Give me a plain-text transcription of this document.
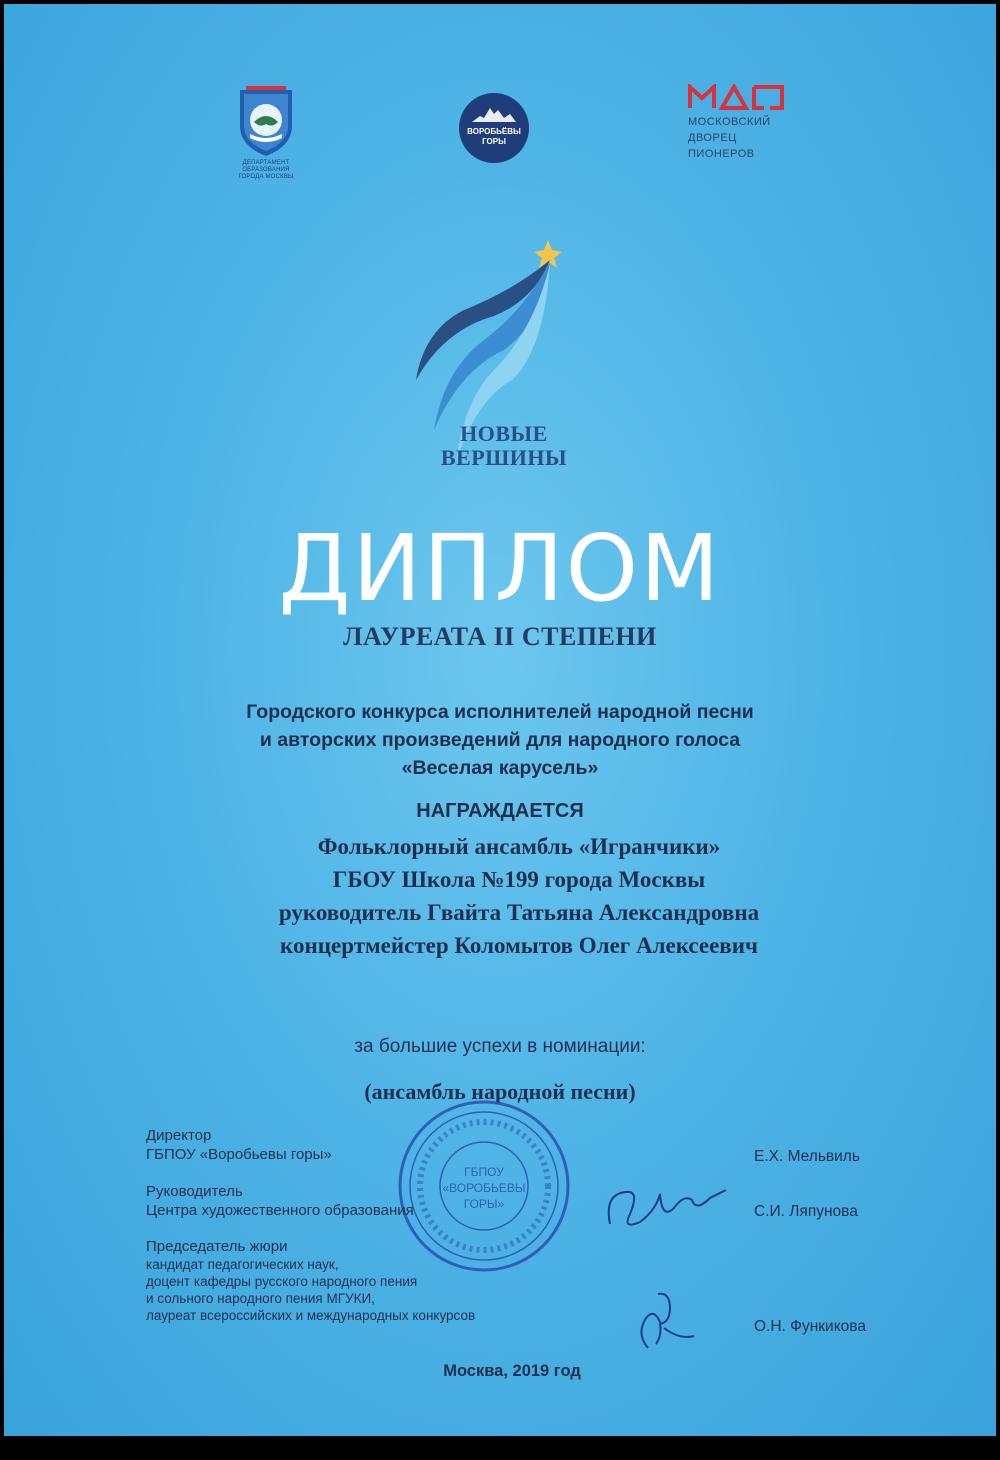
ДЕПАРТАМЕНТ
ОБРАЗОВАНИЯ
ГОРОДА МОСКВЫ
ВОРОБЬЁВЫ
ГОРЫ
МДП
МОСКОВСКИЙ
ДВОРЕЦ
ПИОНЕРОВ
НОВЫЕ
ВЕРШИНЫ
ДИПЛОМ
ЛАУРЕАТА II СТЕПЕНИ
Городского конкурса исполнителей народной песни
и авторских произведений для народного голоса
«Веселая карусель»
НАГРАЖДАЕТСЯ
Фольклорный ансамбль «Игранчики»
ГБОУ Школа №199 города Москвы
руководитель Гвайта Татьяна Александровна
концертмейстер Коломытов Олег Алексеевич
за большие успехи в номинации:
(ансамбль народной песни)
ГБПОУ
«ВОРОБЬЕВЫ
ГОРЫ»
Директор
ГБПОУ «Воробьевы горы»	Е.Х. Мельвиль
Руководитель
Центра художественного образования	С.И. Ляпунова
Председатель жюри
кандидат педагогических наук,
доцент кафедры русского народного пения
и сольного народного пения МГУКИ,
лауреат всероссийских и международных конкурсов
О.Н. Функикова
Москва, 2019 год
